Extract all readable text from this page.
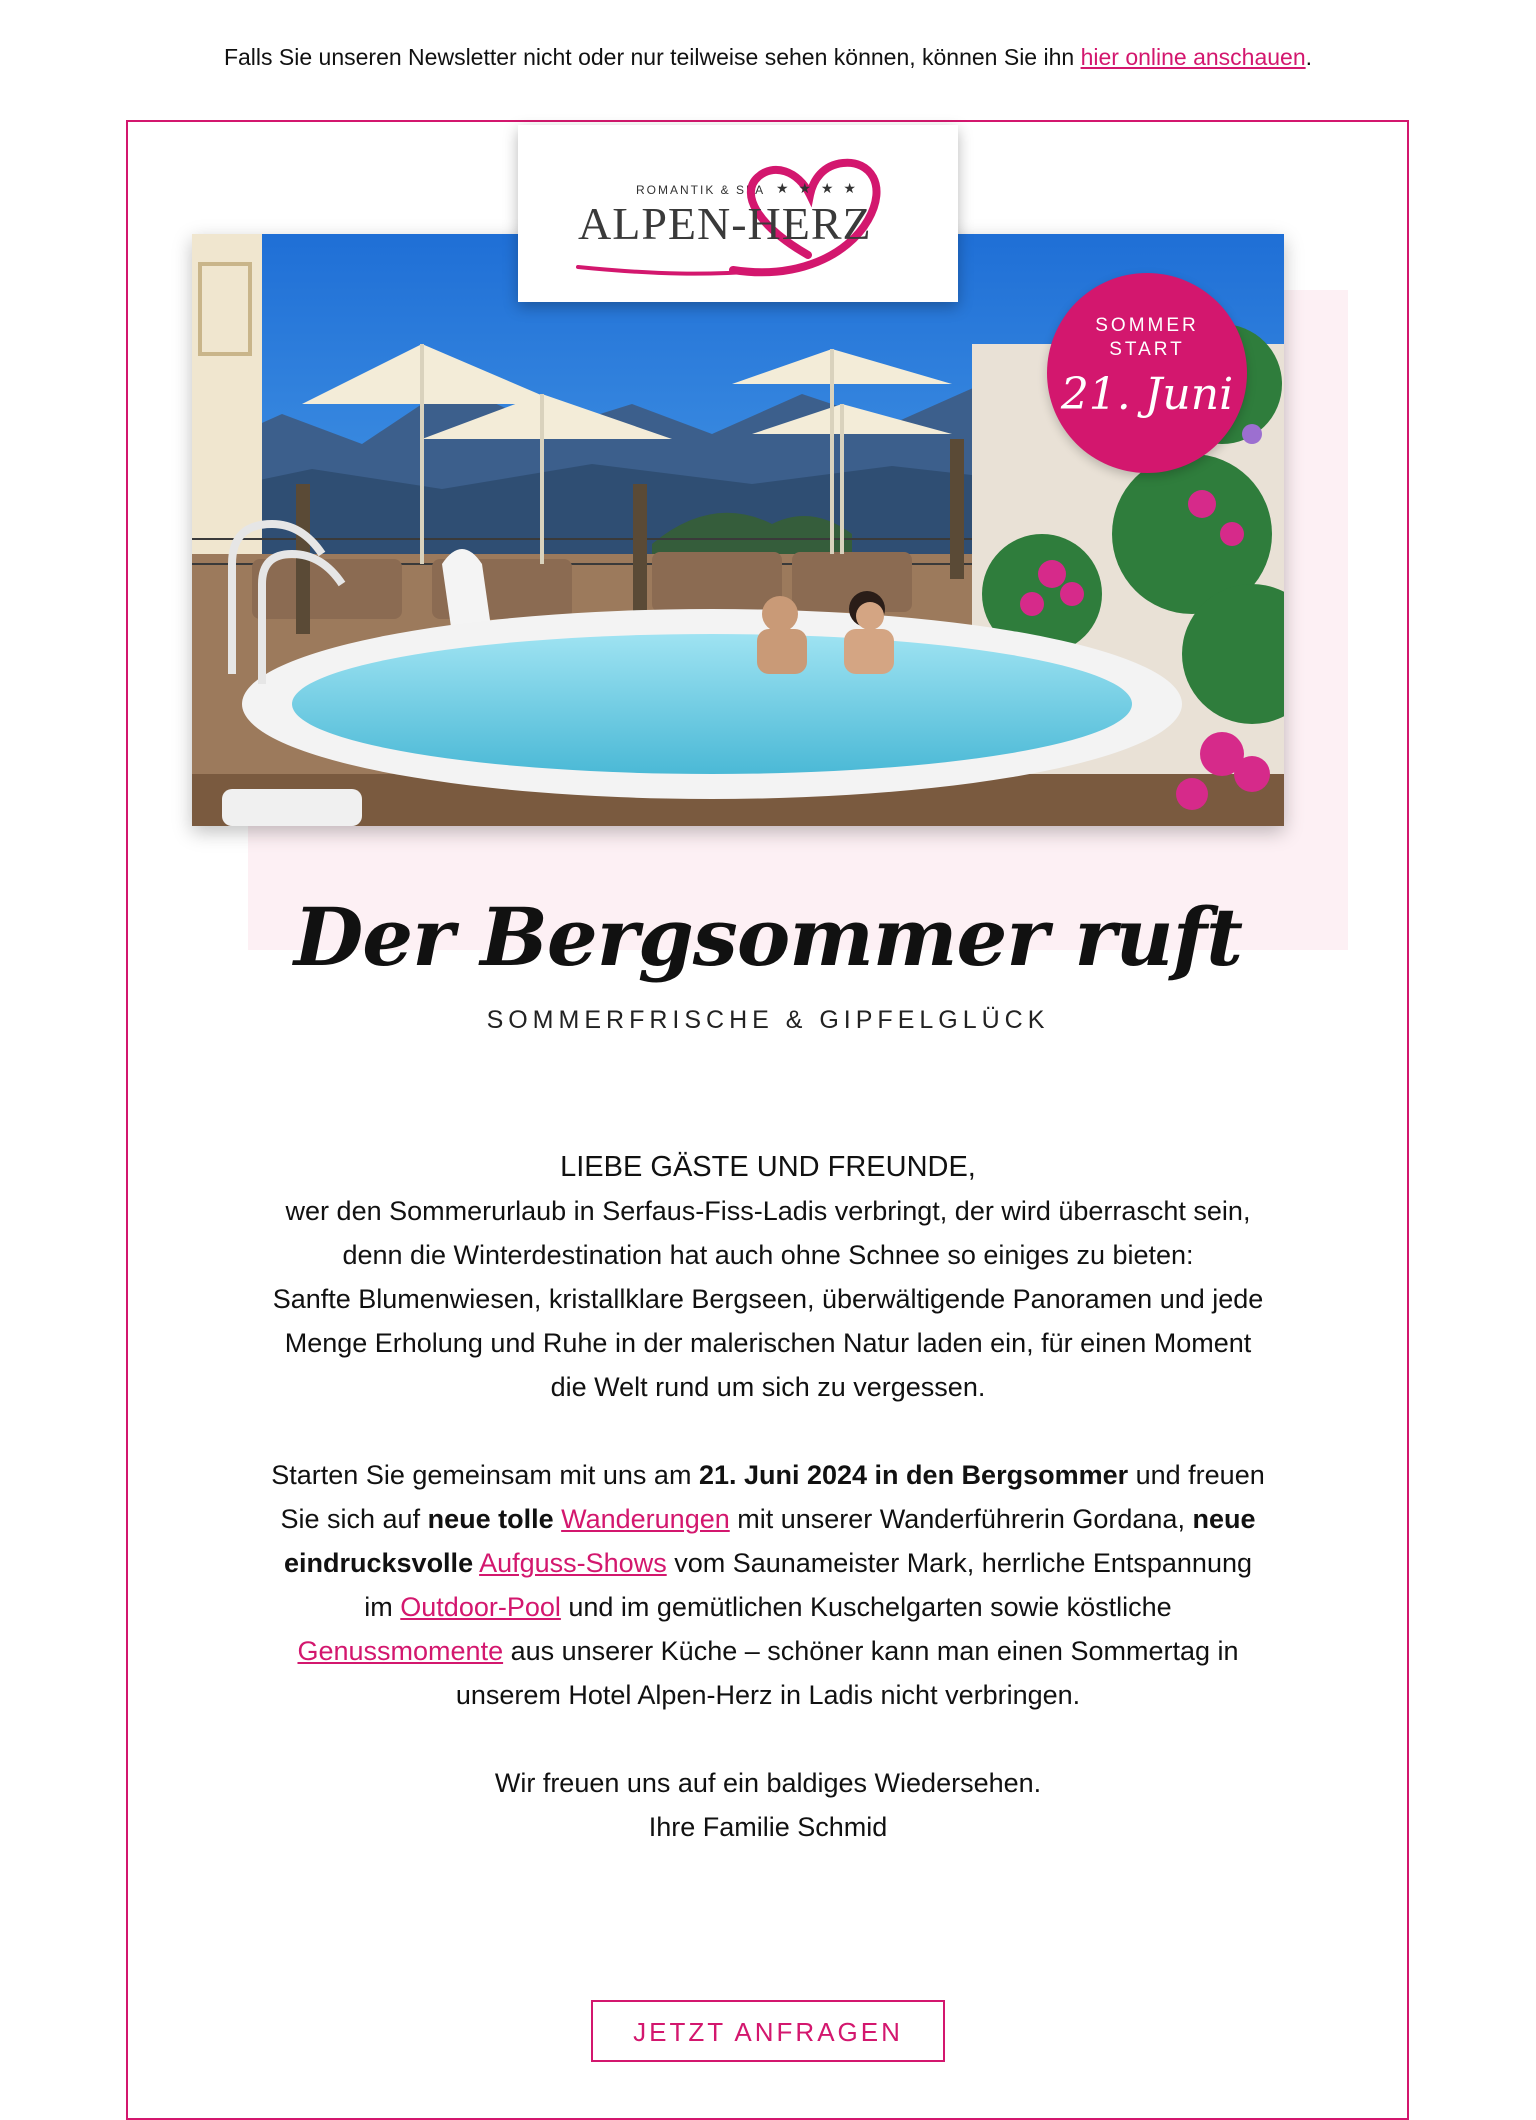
Falls Sie unseren Newsletter nicht oder nur teilweise sehen können, können Sie ihn hier online anschauen.
ROMANTIK & SPA ★ ★ ★ ★
ALPEN-HERZ
SOMMER
START
21. Juni
Der Bergsommer ruft
SOMMERFRISCHE & GIPFELGLÜCK

LIEBE GÄSTE UND FREUNDE,

wer den Sommerurlaub in Serfaus-Fiss-Ladis verbringt, der wird überrascht sein, denn die Winterdestination hat auch ohne Schnee so einiges zu bieten:

Sanfte Blumenwiesen, kristallklare Bergseen, überwältigende Panoramen und jede Menge Erholung und Ruhe in der malerischen Natur laden ein, für einen Moment die Welt rund um sich zu vergessen.

Starten Sie gemeinsam mit uns am 21. Juni 2024 in den Bergsommer und freuen Sie sich auf neue tolle Wanderungen mit unserer Wanderführerin Gordana, neue eindrucksvolle Aufguss-Shows vom Saunameister Mark, herrliche Entspannung im Outdoor-Pool und im gemütlichen Kuschelgarten sowie köstliche Genussmomente aus unserer Küche – schöner kann man einen Sommertag in unserem Hotel Alpen-Herz in Ladis nicht verbringen.

Wir freuen uns auf ein baldiges Wiedersehen.

Ihre Familie Schmid

JETZT ANFRAGEN
